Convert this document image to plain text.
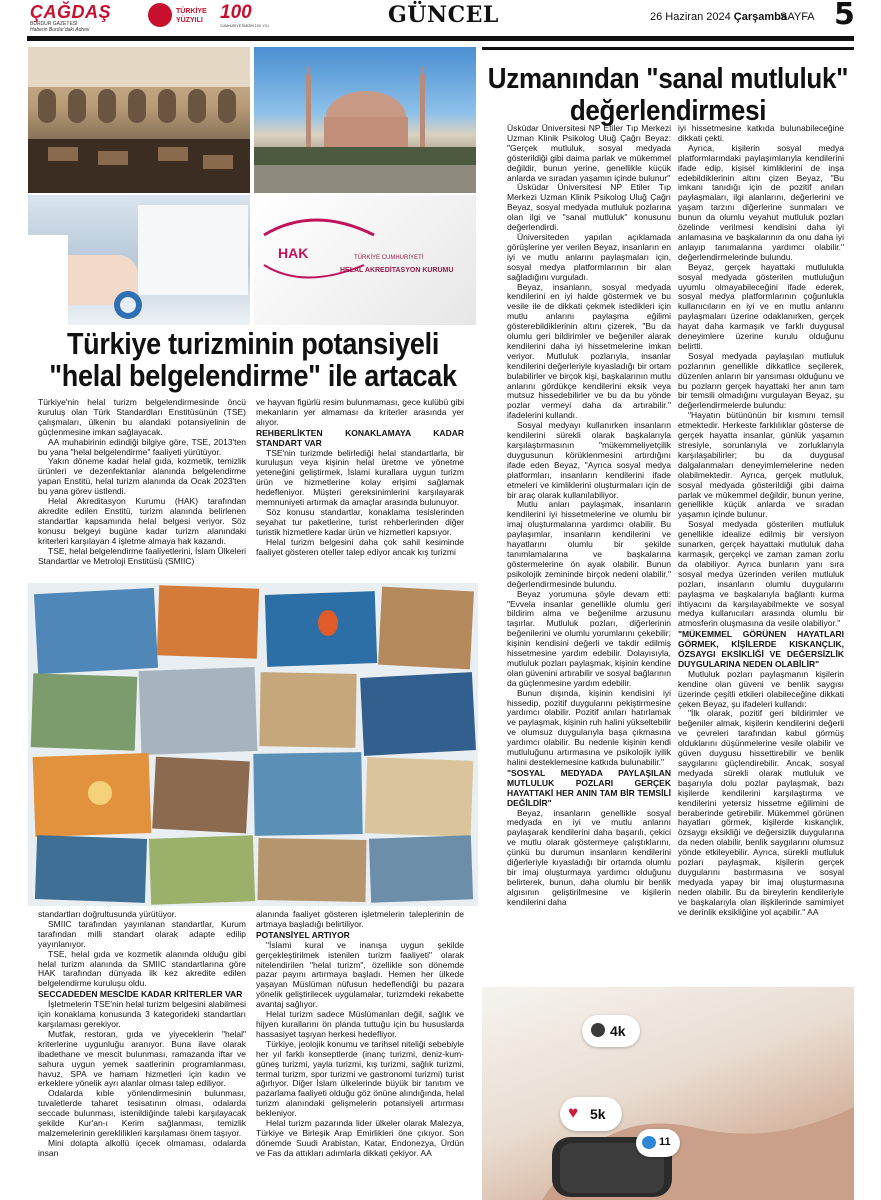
ÇAĞDAŞ
BURDUR GAZETESİ
Haberin Burdur'daki Adresi
TÜRKİYE
YÜZYILI 100
CUMHURİYETİMİZİN 100. YILI	GÜNCEL	26 Haziran 2024 Çarşamba
SAYFA 5
HAK	TÜRKİYE CUMHURİYETİ
HELAL AKREDİTASYON KURUMU
Türkiye turizminin potansiyeli "helal belgelendirme" ile artacak

Türkiye'nin helal turizm belgelendirmesinde öncü kuruluş olan Türk Standardları Enstitüsünün (TSE) çalışmaları, ülkenin bu alandaki potansiyelinin de güçlenmesine imkan sağlayacak.

AA muhabirinin edindiği bilgiye göre, TSE, 2013'ten bu yana "helal belgelendirme" faaliyeti yürütüyor.

Yakın döneme kadar helal gıda, kozmetik, temizlik ürünleri ve dezenfektanlar alanında belgelendirme yapan Enstitü, helal turizm alanında da Ocak 2023'ten bu yana görev üstlendi.

Helal Akreditasyon Kurumu (HAK) tarafından akredite edilen Enstitü, turizm alanında belirlenen standartlar kapsamında helal belgesi veriyor. Söz konusu belgeyi bugüne kadar turizm alanındaki kriterleri karşılayan 4 işletme almaya hak kazandı.

TSE, helal belgelendirme faaliyetlerini, İslam Ülkeleri Standartlar ve Metroloji Enstitüsü (SMIIC)

ve hayvan figürlü resim bulunmaması, gece kulübü gibi mekanların yer almaması da kriterler arasında yer alıyor.

REHBERLİKTEN KONAKLAMAYA KADAR STANDART VAR

TSE'nin turizmde belirlediği helal standartlarla, bir kuruluşun veya kişinin helal üretme ve yönetme yeteneğini geliştirmek, İslami kurallara uygun turizm ürün ve hizmetlerine kolay erişimi sağlamak hedefleniyor. Müşteri gereksinimlerini karşılayarak memnuniyeti artırmak da amaçlar arasında bulunuyor.

Söz konusu standartlar, konaklama tesislerinden seyahat tur paketlerine, turist rehberlerinden diğer turistik hizmetlere kadar ürün ve hizmetleri kapsıyor.

Helal turizm belgesini daha çok sahil kesiminde faaliyet gösteren oteller talep ediyor ancak kış turizmi

standartları doğrultusunda yürütüyor.

SMIIC tarafından yayınlanan standartlar, Kurum tarafından milli standart olarak adapte edilip yayınlanıyor.

TSE, helal gıda ve kozmetik alanında olduğu gibi helal turizm alanında da SMIIC standartlarına göre HAK tarafından dünyada ilk kez akredite edilen belgelendirme kuruluşu oldu.

SECCADEDEN MESCİDE KADAR KRİTERLER VAR

İşletmelerin TSE'nin helal turizm belgesini alabilmesi için konaklama konusunda 3 kategorideki standartları karşılaması gerekiyor.

Mutfak, restoran, gıda ve yiyeceklerin "helal" kriterlerine uygunluğu aranıyor. Buna ilave olarak ibadethane ve mescit bulunması, ramazanda iftar ve sahura uygun yemek saatlerinin programlanması, havuz, SPA ve hamam hizmetleri için kadın ve erkeklere yönelik ayrı alanlar olması talep ediliyor.

Odalarda kıble yönlendirmesinin bulunması, tuvaletlerde taharet tesisatının olması, odalarda seccade bulunması, istenildiğinde talebi karşılayacak şekilde Kur'an-ı Kerim sağlanması, temizlik malzemelerinin gereklilikleri karşılaması önem taşıyor.

Mini dolapta alkollü içecek olmaması, odalarda insan

alanında faaliyet gösteren işletmelerin taleplerinin de artmaya başladığı belirtiliyor.

POTANSİYEL ARTIYOR

"İslami kural ve inanışa uygun şekilde gerçekleştirilmek istenilen turizm faaliyeti" olarak nitelendirilen "helal turizm", özellikle son dönemde pazar payını artırmaya başladı. Hemen her ülkede yaşayan Müslüman nüfusun hedeflendiği bu pazara yönelik geliştirilecek uygulamalar, turizmdeki rekabette avantaj sağlıyor.

Helal turizm sadece Müslümanları değil, sağlık ve hijyen kurallarını ön planda tuttuğu için bu hususlarda hassasiyet taşıyan herkesi hedefliyor.

Türkiye, jeolojik konumu ve tarihsel niteliği sebebiyle her yıl farklı konseptlerde (inanç turizmi, deniz-kum-güneş turizmi, yayla turizmi, kış turizmi, sağlık turizmi, termal turizm, spor turizmi ve gastronomi turizmi) turist ağırlıyor. Diğer İslam ülkelerinde büyük bir tanıtım ve pazarlama faaliyeti olduğu göz önüne alındığında, helal turizm alanındaki gelişmelerin potansiyeli artırması bekleniyor.

Helal turizm pazarında lider ülkeler olarak Malezya, Türkiye ve Birleşik Arap Emirlikleri öne çıkıyor. Son dönemde Suudi Arabistan, Katar, Endonezya, Ürdün ve Fas da attıkları adımlarla dikkati çekiyor. AA

Uzmanından "sanal mutluluk" değerlendirmesi

Üsküdar Üniversitesi NP Etiler Tıp Merkezi Uzman Klinik Psikolog Uluğ Çağrı Beyaz: "Gerçek mutluluk, sosyal medyada gösterildiği gibi daima parlak ve mükemmel değildir, bunun yerine, genellikle küçük anlarda ve sıradan yaşamın içinde bulunur"

Üsküdar Üniversitesi NP Etiler Tıp Merkezi Uzman Klinik Psikolog Uluğ Çağrı Beyaz, sosyal medyada mutluluk pozlarına olan ilgi ve "sanal mutluluk" konusunu değerlendirdi.

Üniversiteden yapılan açıklamada görüşlerine yer verilen Beyaz, insanların en iyi ve mutlu anlarını paylaşmaları için, sosyal medya platformlarının bir alan sağladığını vurguladı.

Beyaz, insanların, sosyal medyada kendilerini en iyi halde göstermek ve bu vesile ile de dikkati çekmek istedikleri için mutlu anlarını paylaşma eğilimi gösterebildiklerinin altını çizerek, "Bu da olumlu geri bildirimler ve beğeniler alarak kendilerini daha iyi hissetmelerine imkan veriyor. Mutluluk pozlarıyla, insanlar kendilerini değerleriyle kıyasladığı bir ortam bulabilirler ve birçok kişi, başkalarının mutlu anlarını gördükçe kendilerini eksik veya mutsuz hissedebilirler ve bu da bu yönde pozlar vermeyi daha da artırabilir." ifadelerini kullandı.

Sosyal medyayı kullanırken insanların kendilerini sürekli olarak başkalarıyla karşılaştırmasının "mükemmeliyetçilik duygusunun körüklenmesini artırdığını ifade eden Beyaz, "Ayrıca sosyal medya platformları, insanların kendilerini ifade etmeleri ve kimliklerini oluşturmaları için de bir araç olarak kullanılabiliyor.

Mutlu anları paylaşmak, insanların kendilerini iyi hissetmelerine ve olumlu bir imaj oluşturmalarına yardımcı olabilir. Bu paylaşımlar, insanların kendilerini ve hayatlarını olumlu bir şekilde tanımlamalarına ve başkalarına göstermelerine ön ayak olabilir. Bunun psikolojik zemininde birçok nedeni olabilir." değerlendirmesinde bulundu.

Beyaz yorumuna şöyle devam etti: "Evvela insanlar genellikle olumlu geri bildirim alma ve beğenilme arzusunu taşırlar. Mutluluk pozları, diğerlerinin beğenilerini ve olumlu yorumlarını çekebilir; kişinin kendisini değerli ve takdir edilmiş hissetmesine yardım edebilir. Dolayısıyla, mutluluk pozları paylaşmak, kişinin kendine olan güvenini artırabilir ve sosyal bağlarının da güçlenmesine yardım edebilir.

Bunun dışında, kişinin kendisini iyi hissedip, pozitif duygularını pekiştirmesine yardımcı olabilir. Pozitif anıları hatırlamak ve paylaşmak, kişinin ruh halini yükseltebilir ve olumsuz duygularıyla başa çıkmasına yardımcı olabilir. Bu nedenle kişinin kendi mutluluğunu artırmasına ve psikolojik iyilik halini desteklemesine katkıda bulunabilir."

"SOSYAL MEDYADA PAYLAŞILAN MUTLULUK POZLARI GERÇEK HAYATTAKİ HER ANIN TAM BİR TEMSİLİ DEĞİLDİR"

Beyaz, insanların genellikle sosyal medyada en iyi ve mutlu anlarını paylaşarak kendilerini daha başarılı, çekici ve mutlu olarak göstermeye çalıştıklarını, çünkü bu durumun insanların kendilerini diğerleriyle kıyasladığı bir ortamda olumlu bir imaj oluşturmaya yardımcı olduğunu belirterek, bunun, daha olumlu bir benlik algısının geliştirilmesine ve kişilerin kendilerini daha

iyi hissetmesine katkıda bulunabileceğine dikkati çekti.

Ayrıca, kişilerin sosyal medya platformlarındaki paylaşımlarıyla kendilerini ifade edip, kişisel kimliklerini de inşa edebildiklerinin altını çizen Beyaz, "Bu imkanı tanıdığı için de pozitif anıları paylaşmaları, ilgi alanlarını, değerlerini ve yaşam tarzını diğerlerine sunmaları ve bunun da olumlu veyahut mutluluk pozları özelinde verilmesi kendisini daha iyi anlamasına ve başkalarının da onu daha iyi anlayıp tanımalarına yardımcı olabilir." değerlendirmelerinde bulundu.

Beyaz, gerçek hayattaki mutlulukla sosyal medyada gösterilen mutluluğun uyumlu olmayabileceğini ifade ederek, sosyal medya platformlarının çoğunlukla kullanıcıların en iyi ve en mutlu anlarını paylaşmaları üzerine odaklanırken, gerçek hayat daha karmaşık ve farklı duygusal deneyimlere üzerine kurulu olduğunu belirtti.

Sosyal medyada paylaşılan mutluluk pozlarının genellikle dikkatlice seçilerek, düzenlen anların bir yansıması olduğunu ve bu pozların gerçek hayattaki her anın tam bir temsili olmadığını vurgulayan Beyaz, şu değerlendirmelerde bulundu:

"Hayatın bütününün bir kısmını temsil etmektedir. Herkeste farklılıklar gösterse de gerçek hayatta insanlar, günlük yaşamın stresiyle, sorunlarıyla ve zorluklarıyla karşılaşabilirler; bu da duygusal dalgalanmaları deneyimlemelerine neden olabilmektedir. Ayrıca, gerçek mutluluk, sosyal medyada gösterildiği gibi daima parlak ve mükemmel değildir, bunun yerine, genellikle küçük anlarda ve sıradan yaşamın içinde bulunur.

Sosyal medyada gösterilen mutluluk genellikle idealize edilmiş bir versiyon sunarken, gerçek hayattaki mutluluk daha karmaşık, gerçekçi ve zaman zaman zorlu da olabiliyor. Ayrıca bunların yanı sıra sosyal medya üzerinden verilen mutluluk pozları, insanların olumlu duygularını paylaşma ve başkalarıyla bağlantı kurma ihtiyacını da karşılayabilmekte ve sosyal medya kullanıcıları arasında olumlu bir atmosferin oluşmasına da vesile olabiliyor."

"MÜKEMMEL GÖRÜNEN HAYATLARI GÖRMEK, KİŞİLERDE KISKANÇLIK, ÖZSAYGI EKSİKLİĞİ VE DEĞERSİZLİK DUYGULARINA NEDEN OLABİLİR"

Mutluluk pozları paylaşmanın kişilerin kendine olan güveni ve benlik saygısı üzerinde çeşitli etkileri olabileceğine dikkati çeken Beyaz, şu ifadeleri kullandı:

"İlk olarak, pozitif geri bildirimler ve beğeniler almak, kişilerin kendilerini değerli ve çevreleri tarafından kabul görmüş olduklarını düşünmelerine vesile olabilir ve güven duygusu hissettirebilir ve benlik saygılarını güçlendirebilir. Ancak, sosyal medyada sürekli olarak mutluluk ve başarıyla dolu pozlar paylaşmak, bazı kişilerde kendilerini karşılaştırma ve kendilerini yetersiz hissetme eğilimini de beraberinde getirebilir. Mükemmel görünen hayatları görmek, kişilerde kıskançlık, özsaygı eksikliği ve değersizlik duygularına da neden olabilir, benlik saygılarını olumsuz yönde etkileyebilir. Ayrıca, sürekli mutluluk pozları paylaşmak, kişilerin gerçek duygularını bastırmasına ve sosyal medyada yapay bir imaj oluşturmasına neden olabilir. Bu da bireylerin kendileriyle ve başkalarıyla olan ilişkilerinde samimiyet ve derinlik eksikliğine yol açabilir." AA

4k
♥ 5k
11
